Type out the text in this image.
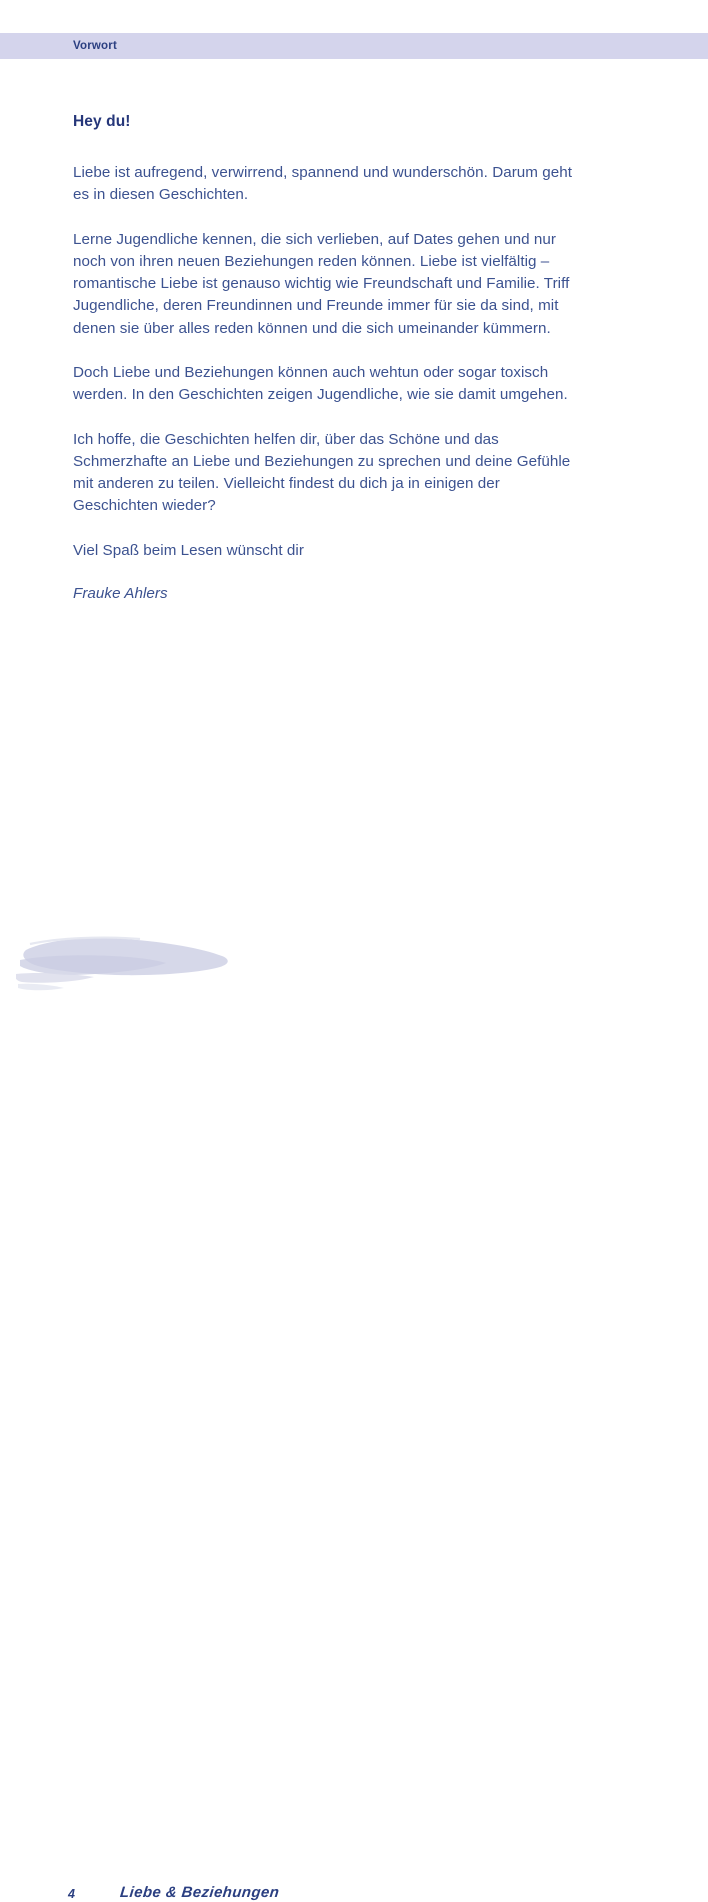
Vorwort

Hey du!

Liebe ist aufregend, verwirrend, spannend und wunderschön. Darum geht es in diesen Geschichten.

Lerne Jugendliche kennen, die sich verlieben, auf Dates gehen und nur noch von ihren neuen Beziehungen reden können. Liebe ist vielfältig – romantische Liebe ist genauso wichtig wie Freundschaft und Familie. Triff Jugendliche, deren Freundinnen und Freunde immer für sie da sind, mit denen sie über alles reden können und die sich umeinander kümmern.

Doch Liebe und Beziehungen können auch wehtun oder sogar toxisch werden. In den Geschichten zeigen Jugendliche, wie sie damit umgehen.

Ich hoffe, die Geschichten helfen dir, über das Schöne und das Schmerzhafte an Liebe und Beziehungen zu sprechen und deine Gefühle mit anderen zu teilen. Vielleicht findest du dich ja in einigen der Geschichten wieder?

Viel Spaß beim Lesen wünscht dir

Frauke Ahlers

4	Liebe & Beziehungen
